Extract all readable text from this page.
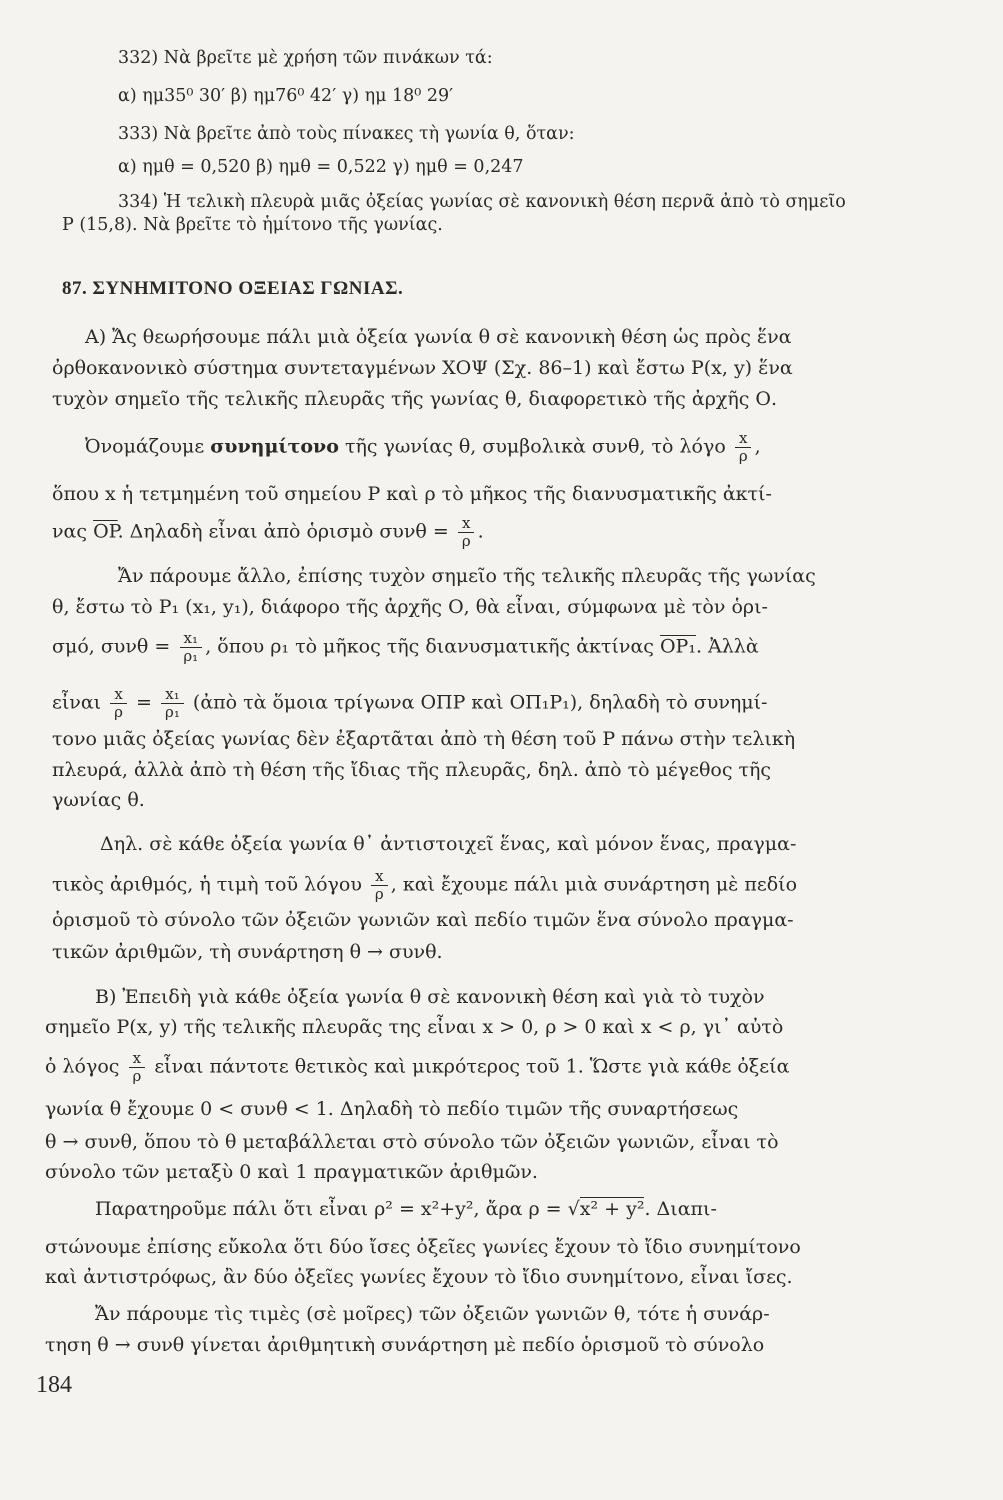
332) Νὰ βρεῖτε μὲ χρήση τῶν πινάκων τά:
α) ημ35⁰ 30′ β) ημ76⁰ 42′ γ) ημ 18⁰ 29′
333) Νὰ βρεῖτε ἀπὸ τοὺς πίνακες τὴ γωνία θ, ὅταν:
α) ημθ = 0,520 β) ημθ = 0,522 γ) ημθ = 0,247
334) Ἡ τελικὴ πλευρὰ μιᾶς ὀξείας γωνίας σὲ κανονικὴ θέση περνᾶ ἀπὸ τὸ σημεῖο
P (15,8). Νὰ βρεῖτε τὸ ἡμίτονο τῆς γωνίας.
87. ΣΥΝΗΜΙΤΟΝΟ ΟΞΕΙΑΣ ΓΩΝΙΑΣ.
Α) Ἄς θεωρήσουμε πάλι μιὰ ὀξεία γωνία θ σὲ κανονικὴ θέση ὡς πρὸς ἕνα
ὀρθοκανονικὸ σύστημα συντεταγμένων ΧΟΨ (Σχ. 86–1) καὶ ἔστω P(x, y) ἕνα
τυχὸν σημεῖο τῆς τελικῆς πλευρᾶς τῆς γωνίας θ, διαφορετικὸ τῆς ἀρχῆς Ο.
Ὀνομάζουμε συνημίτονο τῆς γωνίας θ, συμβολικὰ συνθ, τὸ λόγο $\frac{x}{\rho}$ ,
ὅπου x ἡ τετμημένη τοῦ σημείου P καὶ ρ τὸ μῆκος τῆς διανυσματικῆς ἀκτί-
νας $\overline{OP}$. Δηλαδὴ εἶναι ἀπὸ ὁρισμὸ $\sigma\upsilon\nu\theta = \frac{x}{\rho}$ .
Ἄν πάρουμε ἄλλο, ἐπίσης τυχὸν σημεῖο τῆς τελικῆς πλευρᾶς τῆς γωνίας
θ, ἔστω τὸ P₁ (x₁, y₁), διάφορο τῆς ἀρχῆς Ο, θὰ εἶναι, σύμφωνα μὲ τὸν ὁρι-
σμό, $\sigma\upsilon\nu\theta = \frac{\text{x₁}}{\text{ρ₁}}$ , ὅπου ρ₁ τὸ μῆκος τῆς διανυσματικῆς ἀκτίνας OP₁. Ἀλλὰ
εἶναι $\frac{x}{\rho} = \frac{\text{x₁}}{\text{ρ₁}}$ (ἀπὸ τὰ ὅμοια τρίγωνα ΟΠΡ καὶ ΟΠ₁Ρ₁), δηλαδὴ τὸ συνημί-
τονο μιᾶς ὀξείας γωνίας δὲν ἐξαρτᾶται ἀπὸ τὴ θέση τοῦ P πάνω στὴν τελικὴ
πλευρά, ἀλλὰ ἀπὸ τὴ θέση τῆς ἴδιας τῆς πλευρᾶς, δηλ. ἀπὸ τὸ μέγεθος τῆς
γωνίας θ.
Δηλ. σὲ κάθε ὀξεία γωνία θ᾽ ἀντιστοιχεῖ ἕνας, καὶ μόνον ἕνας, πραγμα-
τικὸς ἀριθμός, ἡ τιμὴ τοῦ λόγου $\frac{x}{\rho}$ , καὶ ἔχουμε πάλι μιὰ συνάρτηση μὲ πεδίο
ὁρισμοῦ τὸ σύνολο τῶν ὀξειῶν γωνιῶν καὶ πεδίο τιμῶν ἕνα σύνολο πραγμα-
τικῶν ἀριθμῶν, τὴ συνάρτηση θ → συνθ.
Β) Ἐπειδὴ γιὰ κάθε ὀξεία γωνία θ σὲ κανονικὴ θέση καὶ γιὰ τὸ τυχὸν
σημεῖο P(x, y) τῆς τελικῆς πλευρᾶς της εἶναι x > 0, ρ > 0 καὶ x < ρ, γι᾽ αὐτὸ
ὁ λόγος $\frac{x}{\rho}$ εἶναι πάντοτε θετικὸς καὶ μικρότερος τοῦ 1. Ὥστε γιὰ κάθε ὀξεία
γωνία θ ἔχουμε 0 < συνθ < 1. Δηλαδὴ τὸ πεδίο τιμῶν τῆς συναρτήσεως
θ → συνθ, ὅπου τὸ θ μεταβάλλεται στὸ σύνολο τῶν ὀξειῶν γωνιῶν, εἶναι τὸ
σύνολο τῶν μεταξὺ 0 καὶ 1 πραγματικῶν ἀριθμῶν.
Παρατηροῦμε πάλι ὅτι εἶναι ρ² = x²+y², ἄρα ρ = √x² + y². Διαπι-
στώνουμε ἐπίσης εὔκολα ὅτι δύο ἴσες ὀξεῖες γωνίες ἔχουν τὸ ἴδιο συνημίτονο
καὶ ἀντιστρόφως, ἂν δύο ὀξεῖες γωνίες ἔχουν τὸ ἴδιο συνημίτονο, εἶναι ἴσες.
Ἄν πάρουμε τὶς τιμὲς (σὲ μοῖρες) τῶν ὀξειῶν γωνιῶν θ, τότε ἡ συνάρ-
τηση θ → συνθ γίνεται ἀριθμητικὴ συνάρτηση μὲ πεδίο ὁρισμοῦ τὸ σύνολο
184
